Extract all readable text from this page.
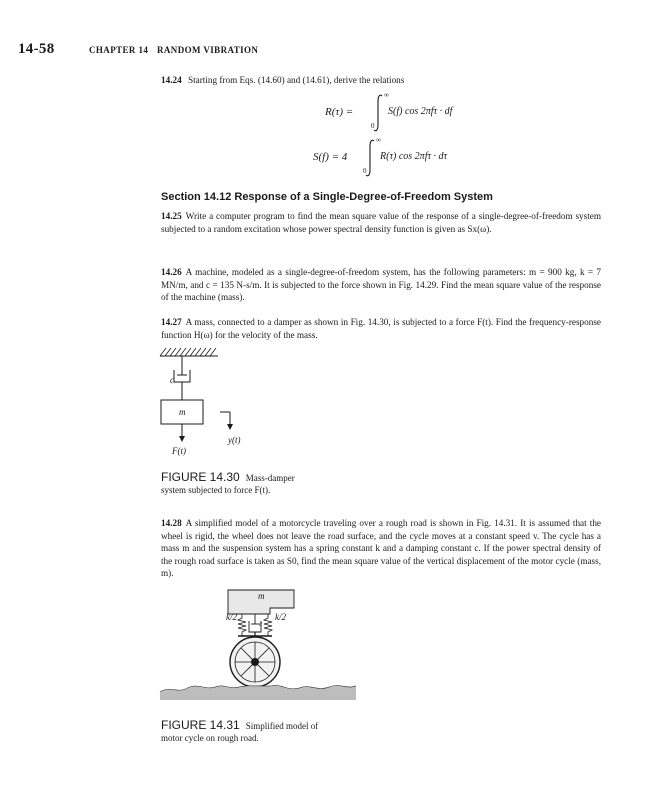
14-58	CHAPTER 14 RANDOM VIBRATION
14.24 Starting from Eqs. (14.60) and (14.61), derive the relations
R(τ) =
∞
0
S(f) cos 2πfτ · df
S(f) = 4
∞
0
R(τ) cos 2πfτ · dτ
Section 14.12 Response of a Single-Degree-of-Freedom System
14.25 Write a computer program to find the mean square value of the response of a single-degree-of-freedom system subjected to a random excitation whose power spectral density function is given as Sx(ω).
14.26 A machine, modeled as a single-degree-of-freedom system, has the following parameters: m = 900 kg, k = 7 MN/m, and c = 135 N-s/m. It is subjected to the force shown in Fig. 14.29. Find the mean square value of the response of the machine (mass).
14.27 A mass, connected to a damper as shown in Fig. 14.30, is subjected to a force F(t). Find the frequency-response function H(ω) for the velocity of the mass.
c
m
y(t)
F(t)
FIGURE 14.30 Mass-damper
system subjected to force F(t).
14.28 A simplified model of a motorcycle traveling over a rough road is shown in Fig. 14.31. It is assumed that the wheel is rigid, the wheel does not leave the road surface, and the cycle moves at a constant speed v. The cycle has a mass m and the suspension system has a spring constant k and a damping constant c. If the power spectral density of the rough road surface is taken as S0, find the mean square value of the vertical displacement of the motor cycle (mass, m).
m
k/2	k/2
c
FIGURE 14.31 Simplified model of
motor cycle on rough road.
